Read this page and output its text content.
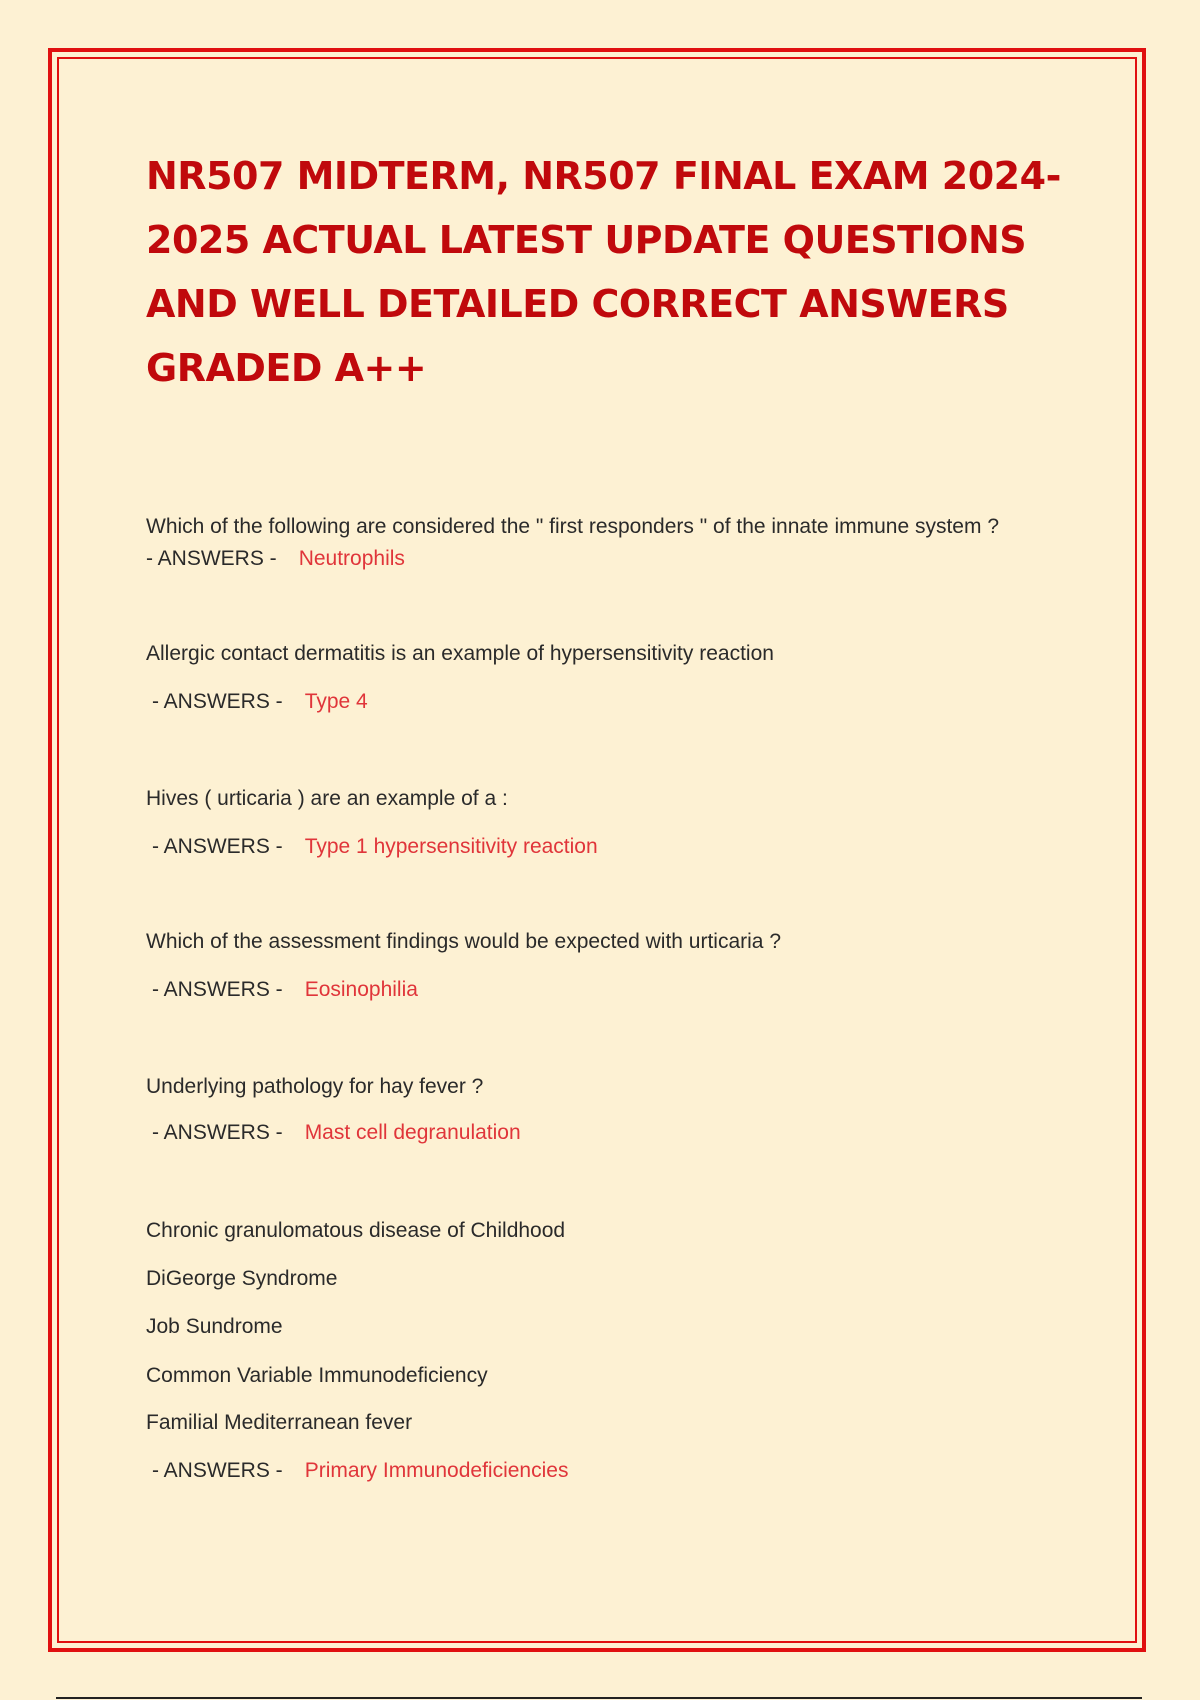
NR507 MIDTERM, NR507 FINAL EXAM 2024-2025 ACTUAL LATEST UPDATE QUESTIONS AND WELL DETAILED CORRECT ANSWERS GRADED A++
Which of the following are considered the " first responders " of the innate immune system ?
- ANSWERS - Neutrophils
Allergic contact dermatitis is an example of hypersensitivity reaction
- ANSWERS - Type 4
Hives ( urticaria ) are an example of a :
- ANSWERS - Type 1 hypersensitivity reaction
Which of the assessment findings would be expected with urticaria ?
- ANSWERS - Eosinophilia
Underlying pathology for hay fever ?
- ANSWERS - Mast cell degranulation
Chronic granulomatous disease of Childhood
DiGeorge Syndrome
Job Sundrome
Common Variable Immunodeficiency
Familial Mediterranean fever
- ANSWERS - Primary Immunodeficiencies
